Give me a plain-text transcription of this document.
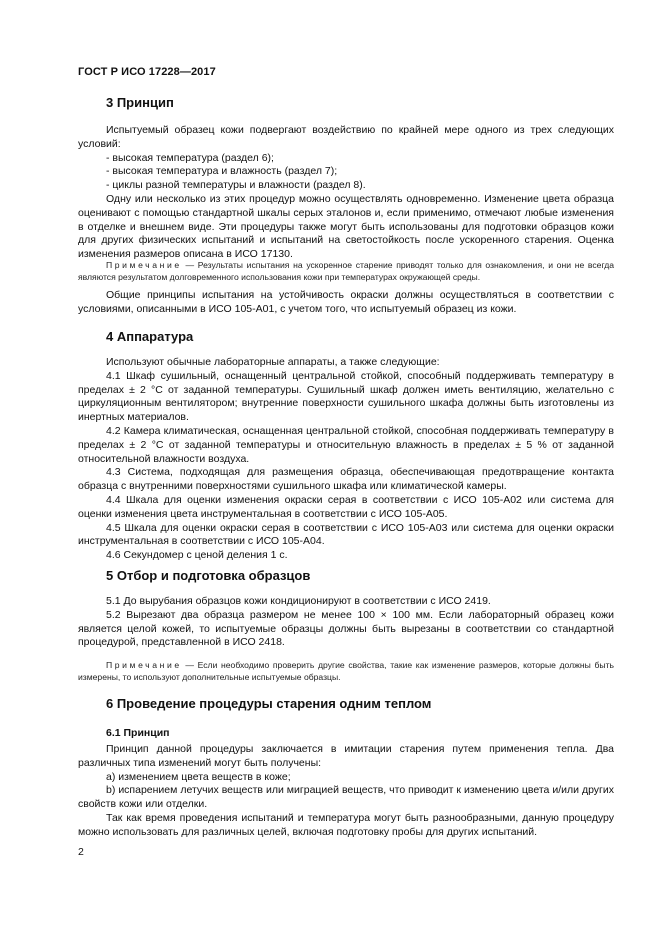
ГОСТ Р ИСО 17228—2017
3 Принцип

Испытуемый образец кожи подвергают воздействию по крайней мере одного из трех следующих условий:

- высокая температура (раздел 6);

- высокая температура и влажность (раздел 7);

- циклы разной температуры и влажности (раздел 8).

Одну или несколько из этих процедур можно осуществлять одновременно. Изменение цвета образца оценивают с помощью стандартной шкалы серых эталонов и, если применимо, отмечают любые изменения в отделке и внешнем виде. Эти процедуры также могут быть использованы для подготовки образцов кожи для других физических испытаний и испытаний на светостойкость после ускоренного старения. Оценка изменения размеров описана в ИСО 17130.

Примечание — Результаты испытания на ускоренное старение приводят только для ознакомления, и они не всегда являются результатом долговременного использования кожи при температурах окружающей среды.

Общие принципы испытания на устойчивость окраски должны осуществляться в соответствии с условиями, описанными в ИСО 105-А01, с учетом того, что испытуемый образец из кожи.

4 Аппаратура

Используют обычные лабораторные аппараты, а также следующие:

4.1 Шкаф сушильный, оснащенный центральной стойкой, способный поддерживать температуру в пределах ± 2 °С от заданной температуры. Сушильный шкаф должен иметь вентиляцию, желательно с циркуляционным вентилятором; внутренние поверхности сушильного шкафа должны быть изготовлены из инертных материалов.

4.2 Камера климатическая, оснащенная центральной стойкой, способная поддерживать температуру в пределах ± 2 °С от заданной температуры и относительную влажность в пределах ± 5 % от заданной относительной влажности воздуха.

4.3 Система, подходящая для размещения образца, обеспечивающая предотвращение контакта образца с внутренними поверхностями сушильного шкафа или климатической камеры.

4.4 Шкала для оценки изменения окраски серая в соответствии с ИСО 105-А02 или система для оценки изменения цвета инструментальная в соответствии с ИСО 105-А05.

4.5 Шкала для оценки окраски серая в соответствии с ИСО 105-А03 или система для оценки окраски инструментальная в соответствии с ИСО 105-А04.

4.6 Секундомер с ценой деления 1 с.

5 Отбор и подготовка образцов

5.1 До вырубания образцов кожи кондиционируют в соответствии с ИСО 2419.

5.2 Вырезают два образца размером не менее 100 × 100 мм. Если лабораторный образец кожи является целой кожей, то испытуемые образцы должны быть вырезаны в соответствии со стандартной процедурой, представленной в ИСО 2418.

Примечание — Если необходимо проверить другие свойства, такие как изменение размеров, которые должны быть измерены, то используют дополнительные испытуемые образцы.

6 Проведение процедуры старения одним теплом
6.1 Принцип

Принцип данной процедуры заключается в имитации старения путем применения тепла. Два различных типа изменений могут быть получены:

a) изменением цвета веществ в коже;

b) испарением летучих веществ или миграцией веществ, что приводит к изменению цвета и/или других свойств кожи или отделки.

Так как время проведения испытаний и температура могут быть разнообразными, данную процедуру можно использовать для различных целей, включая подготовку пробы для других испытаний.

2
